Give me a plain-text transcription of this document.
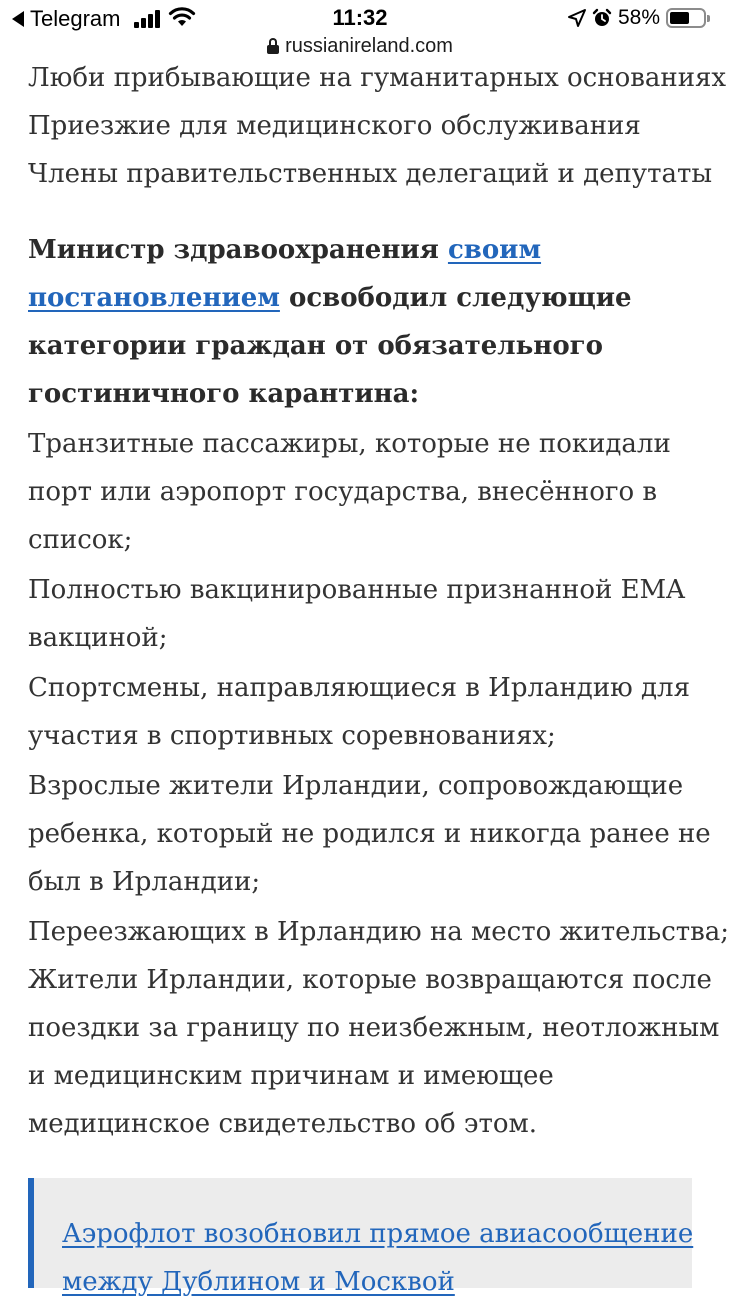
Telegram	11:32	58%
russianireland.com
Люби прибывающие на гуманитарных основаниях
Приезжие для медицинского обслуживания
Члены правительственных делегаций и депутаты
Министр здравоохранения своим
постановлением освободил следующие
категории граждан от обязательного
гостиничного карантина:
Транзитные пассажиры, которые не покидали
порт или аэропорт государства, внесённого в
список;
Полностью вакцинированные признанной EMA
вакциной;
Спортсмены, направляющиеся в Ирландию для
участия в спортивных соревнованиях;
Взрослые жители Ирландии, сопровождающие
ребенка, который не родился и никогда ранее не
был в Ирландии;
Переезжающих в Ирландию на место жительства;
Жители Ирландии, которые возвращаются после
поездки за границу по неизбежным, неотложным
и медицинским причинам и имеющее
медицинское свидетельство об этом.
Аэрофлот возобновил прямое авиасообщение
между Дублином и Москвой
